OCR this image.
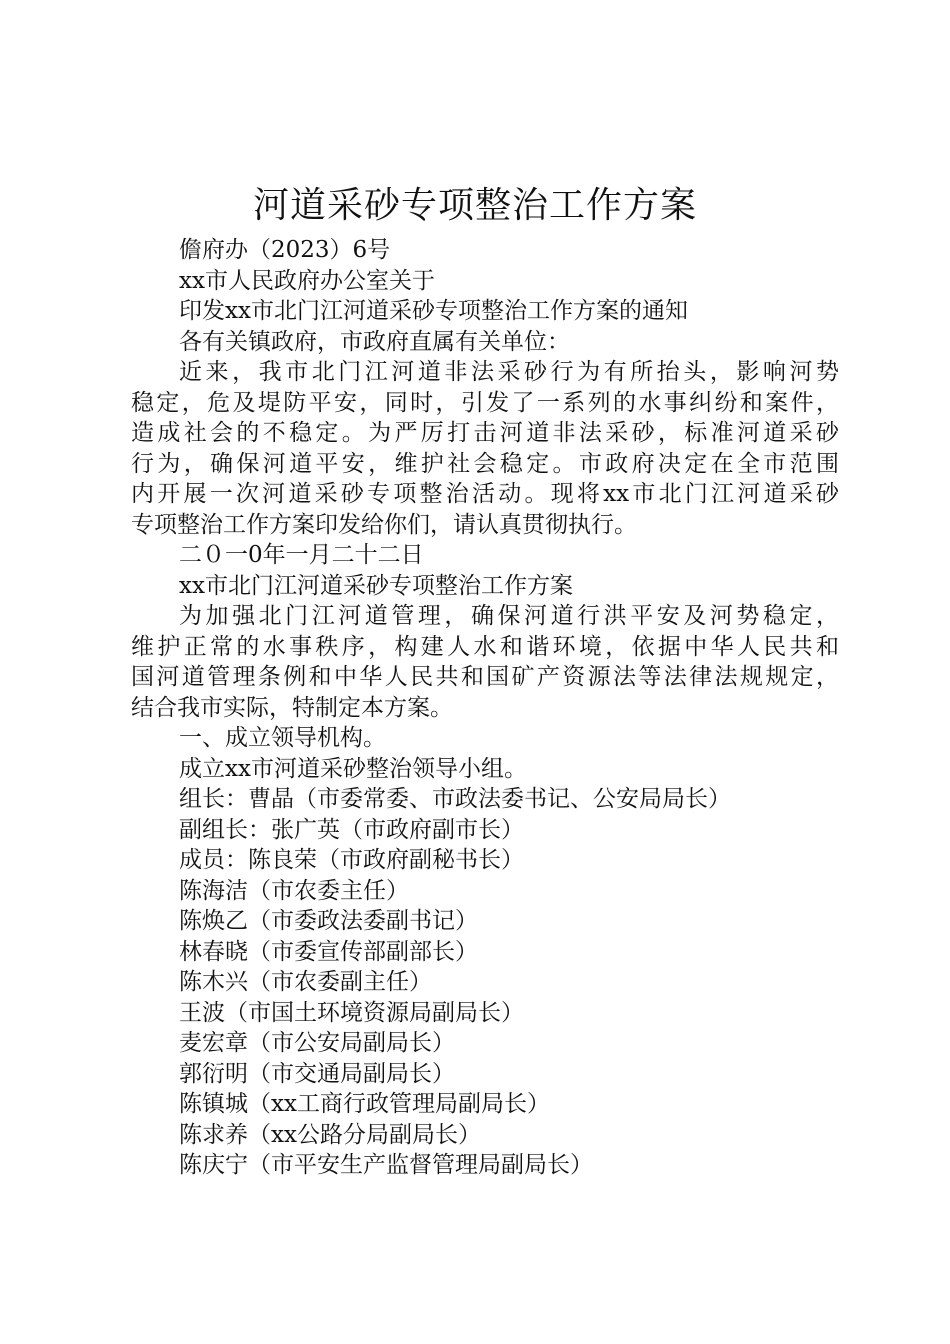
河道采砂专项整治工作方案

儋府办（2023）6号

xx市人民政府办公室关于

印发xx市北门江河道采砂专项整治工作方案的通知

各有关镇政府，市政府直属有关单位：

近来，我市北门江河道非法采砂行为有所抬头，影响河势
稳定，危及堤防平安，同时，引发了一系列的水事纠纷和案件，
造成社会的不稳定。为严厉打击河道非法采砂，标准河道采砂
行为，确保河道平安，维护社会稳定。市政府决定在全市范围
内开展一次河道采砂专项整治活动。现将xx市北门江河道采砂
专项整治工作方案印发给你们，请认真贯彻执行。

二０一0年一月二十二日

xx市北门江河道采砂专项整治工作方案

为加强北门江河道管理，确保河道行洪平安及河势稳定，
维护正常的水事秩序，构建人水和谐环境，依据中华人民共和
国河道管理条例和中华人民共和国矿产资源法等法律法规规定，
结合我市实际，特制定本方案。

一、成立领导机构。

成立xx市河道采砂整治领导小组。

组长：曹晶（市委常委、市政法委书记、公安局局长）

副组长：张广英（市政府副市长）

成员：陈良荣（市政府副秘书长）

陈海洁（市农委主任）

陈焕乙（市委政法委副书记）

林春晓（市委宣传部副部长）

陈木兴（市农委副主任）

王波（市国土环境资源局副局长）

麦宏章（市公安局副局长）

郭衍明（市交通局副局长）

陈镇城（xx工商行政管理局副局长）

陈求养（xx公路分局副局长）

陈庆宁（市平安生产监督管理局副局长）
